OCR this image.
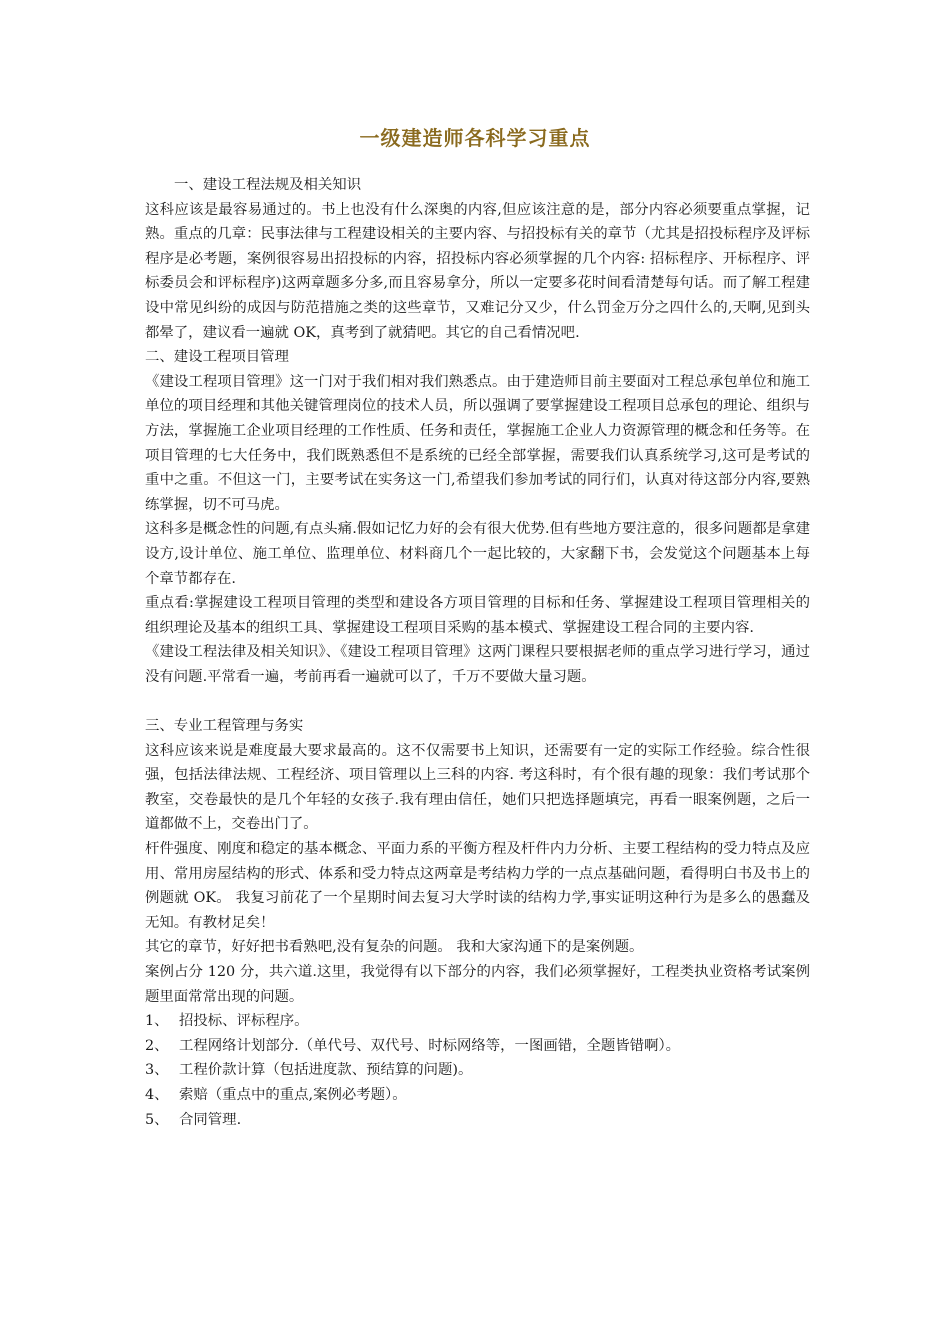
一级建造师各科学习重点

一、建设工程法规及相关知识

这科应该是最容易通过的。书上也没有什么深奥的内容,但应该注意的是，部分内容必须要重点掌握，记熟。重点的几章：民事法律与工程建设相关的主要内容、与招投标有关的章节（尤其是招投标程序及评标程序是必考题，案例很容易出招投标的内容，招投标内容必须掌握的几个内容: 招标程序、开标程序、评标委员会和评标程序)这两章题多分多,而且容易拿分，所以一定要多花时间看清楚每句话。而了解工程建设中常见纠纷的成因与防范措施之类的这些章节，又难记分又少，什么罚金万分之四什么的,天啊,见到头都晕了，建议看一遍就 OK，真考到了就猜吧。其它的自己看情况吧.

二、建设工程项目管理

《建设工程项目管理》这一门对于我们相对我们熟悉点。由于建造师目前主要面对工程总承包单位和施工单位的项目经理和其他关键管理岗位的技术人员，所以强调了要掌握建设工程项目总承包的理论、组织与方法，掌握施工企业项目经理的工作性质、任务和责任，掌握施工企业人力资源管理的概念和任务等。在项目管理的七大任务中，我们既熟悉但不是系统的已经全部掌握，需要我们认真系统学习,这可是考试的重中之重。不但这一门，主要考试在实务这一门,希望我们参加考试的同行们，认真对待这部分内容,要熟练掌握，切不可马虎。

这科多是概念性的问题,有点头痛.假如记忆力好的会有很大优势.但有些地方要注意的，很多问题都是拿建设方,设计单位、施工单位、监理单位、材料商几个一起比较的，大家翻下书，会发觉这个问题基本上每个章节都存在.

重点看:掌握建设工程项目管理的类型和建设各方项目管理的目标和任务、掌握建设工程项目管理相关的组织理论及基本的组织工具、掌握建设工程项目采购的基本模式、掌握建设工程合同的主要内容.

《建设工程法律及相关知识》、《建设工程项目管理》这两门课程只要根据老师的重点学习进行学习，通过没有问题.平常看一遍，考前再看一遍就可以了，千万不要做大量习题。

三、专业工程管理与务实

这科应该来说是难度最大要求最高的。这不仅需要书上知识，还需要有一定的实际工作经验。综合性很强，包括法律法规、工程经济、项目管理以上三科的内容. 考这科时，有个很有趣的现象：我们考试那个教室，交卷最快的是几个年轻的女孩子.我有理由信任，她们只把选择题填完，再看一眼案例题，之后一道都做不上，交卷出门了。

杆件强度、刚度和稳定的基本概念、平面力系的平衡方程及杆件内力分析、主要工程结构的受力特点及应用、常用房屋结构的形式、体系和受力特点这两章是考结构力学的一点点基础问题，看得明白书及书上的例题就 OK。 我复习前花了一个星期时间去复习大学时读的结构力学,事实证明这种行为是多么的愚蠢及无知。有教材足矣！

其它的章节，好好把书看熟吧,没有复杂的问题。 我和大家沟通下的是案例题。

案例占分 120 分，共六道.这里，我觉得有以下部分的内容，我们必须掌握好，工程类执业资格考试案例题里面常常出现的问题。

1、 招投标、评标程序。

2、 工程网络计划部分.（单代号、双代号、时标网络等，一图画错，全题皆错啊）。

3、 工程价款计算（包括进度款、预结算的问题)。

4、 索赔（重点中的重点,案例必考题）。

5、 合同管理.
